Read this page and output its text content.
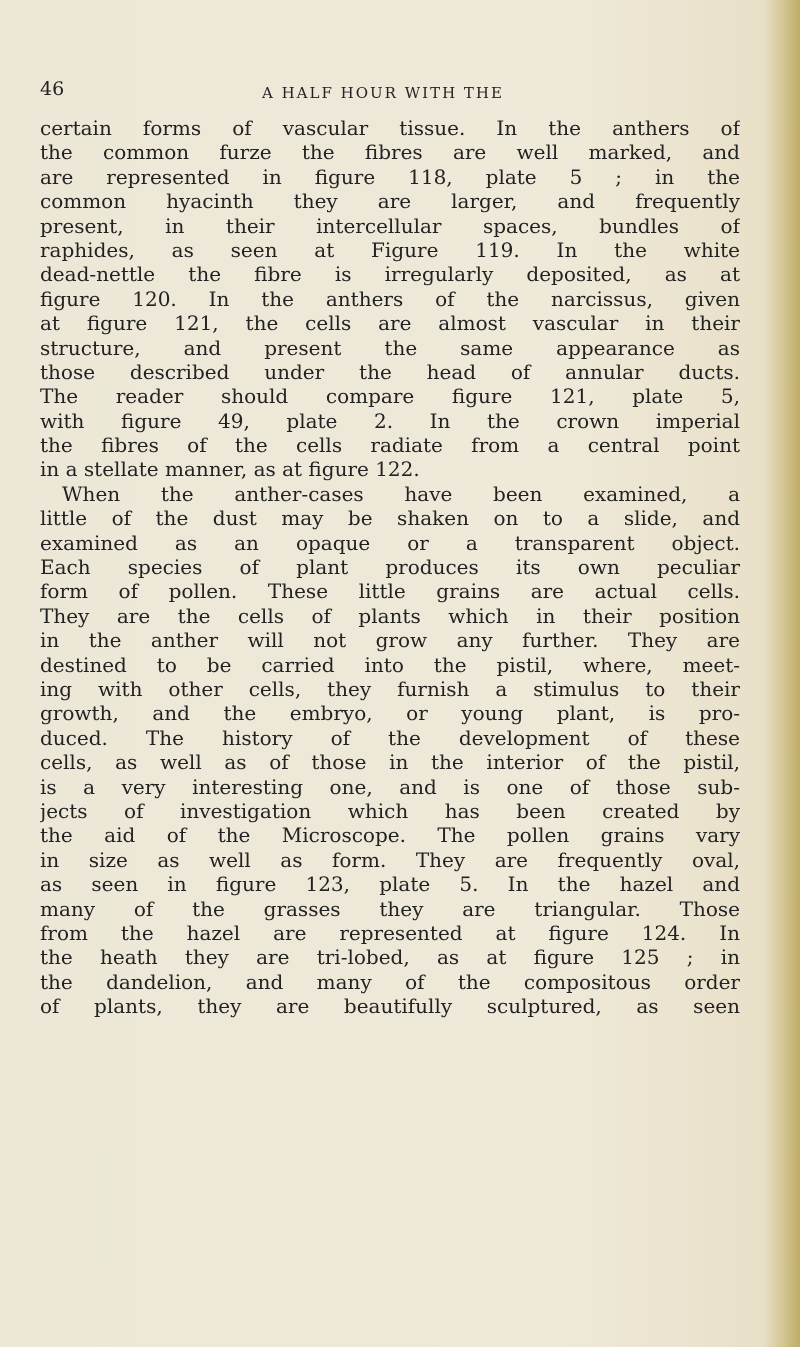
46	A HALF HOUR WITH THE
certain forms of vascular tissue. In the anthers of
the common furze the fibres are well marked, and
are represented in figure 118, plate 5 ; in the
common hyacinth they are larger, and frequently
present, in their intercellular spaces, bundles of
raphides, as seen at Figure 119. In the white
dead-nettle the fibre is irregularly deposited, as at
figure 120. In the anthers of the narcissus, given
at figure 121, the cells are almost vascular in their
structure, and present the same appearance as
those described under the head of annular ducts.
The reader should compare figure 121, plate 5,
with figure 49, plate 2. In the crown imperial
the fibres of the cells radiate from a central point
in a stellate manner, as at figure 122.
When the anther-cases have been examined, a
little of the dust may be shaken on to a slide, and
examined as an opaque or a transparent object.
Each species of plant produces its own peculiar
form of pollen. These little grains are actual cells.
They are the cells of plants which in their position
in the anther will not grow any further. They are
destined to be carried into the pistil, where, meet-
ing with other cells, they furnish a stimulus to their
growth, and the embryo, or young plant, is pro-
duced. The history of the development of these
cells, as well as of those in the interior of the pistil,
is a very interesting one, and is one of those sub-
jects of investigation which has been created by
the aid of the Microscope. The pollen grains vary
in size as well as form. They are frequently oval,
as seen in figure 123, plate 5. In the hazel and
many of the grasses they are triangular. Those
from the hazel are represented at figure 124. In
the heath they are tri-lobed, as at figure 125 ; in
the dandelion, and many of the compositous order
of plants, they are beautifully sculptured, as seen
